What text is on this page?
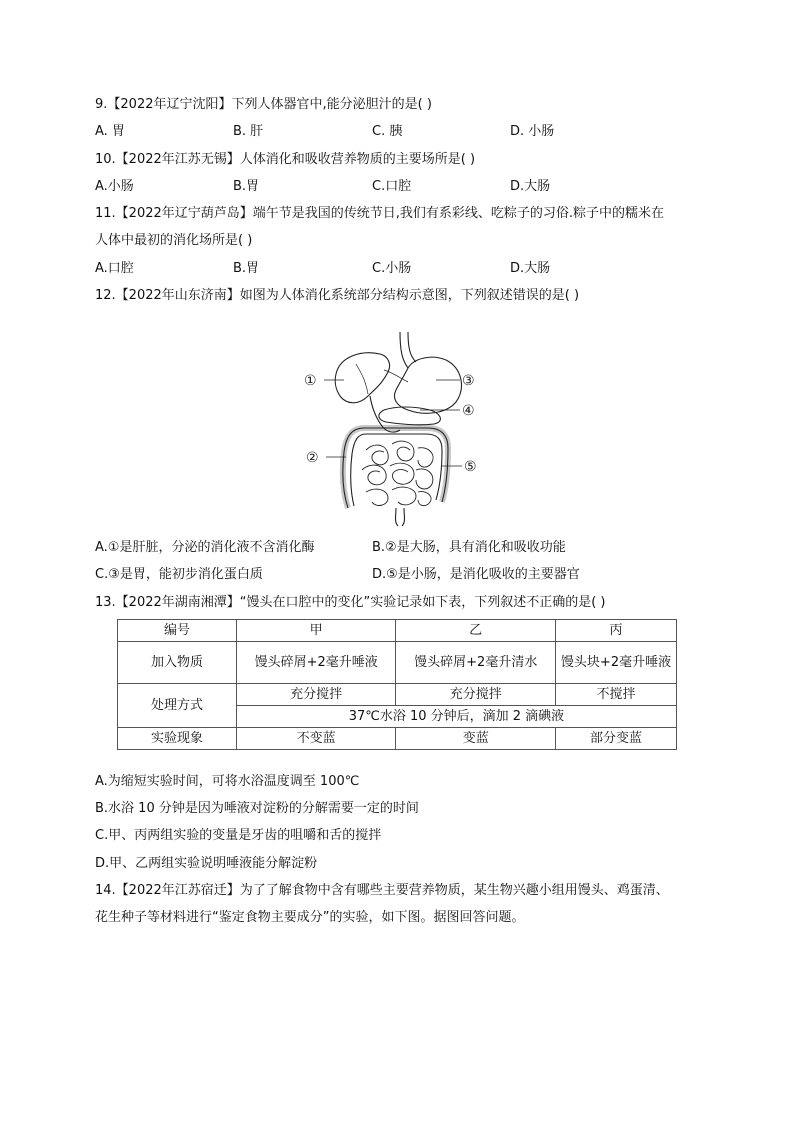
9.【2022年辽宁沈阳】下列人体器官中,能分泌胆汁的是( )
A. 胃	B. 肝	C. 胰	D. 小肠
10.【2022年江苏无锡】人体消化和吸收营养物质的主要场所是( )
A.小肠	B.胃	C.口腔	D.大肠
11.【2022年辽宁葫芦岛】端午节是我国的传统节日,我们有系彩线、吃粽子的习俗.粽子中的糯米在
人体中最初的消化场所是( )
A.口腔	B.胃	C.小肠	D.大肠
12.【2022年山东济南】如图为人体消化系统部分结构示意图，下列叙述错误的是( )
①
②
③
④
⑤
A.①是肝脏，分泌的消化液不含消化酶	B.②是大肠，具有消化和吸收功能
C.③是胃，能初步消化蛋白质	D.⑤是小肠，是消化吸收的主要器官
13.【2022年湖南湘潭】“馒头在口腔中的变化”实验记录如下表，下列叙述不正确的是( )
编号	甲	乙	丙
加入物质	馒头碎屑+2毫升唾液	馒头碎屑+2毫升清水	馒头块+2毫升唾液
处理方式	充分搅拌	充分搅拌	不搅拌
	37℃水浴 10 分钟后，滴加 2 滴碘液		
实验现象	不变蓝	变蓝	部分变蓝
A.为缩短实验时间，可将水浴温度调至 100℃
B.水浴 10 分钟是因为唾液对淀粉的分解需要一定的时间
C.甲、丙两组实验的变量是牙齿的咀嚼和舌的搅拌
D.甲、乙两组实验说明唾液能分解淀粉
14.【2022年江苏宿迁】为了了解食物中含有哪些主要营养物质，某生物兴趣小组用馒头、鸡蛋清、
花生种子等材料进行“鉴定食物主要成分”的实验，如下图。据图回答问题。
